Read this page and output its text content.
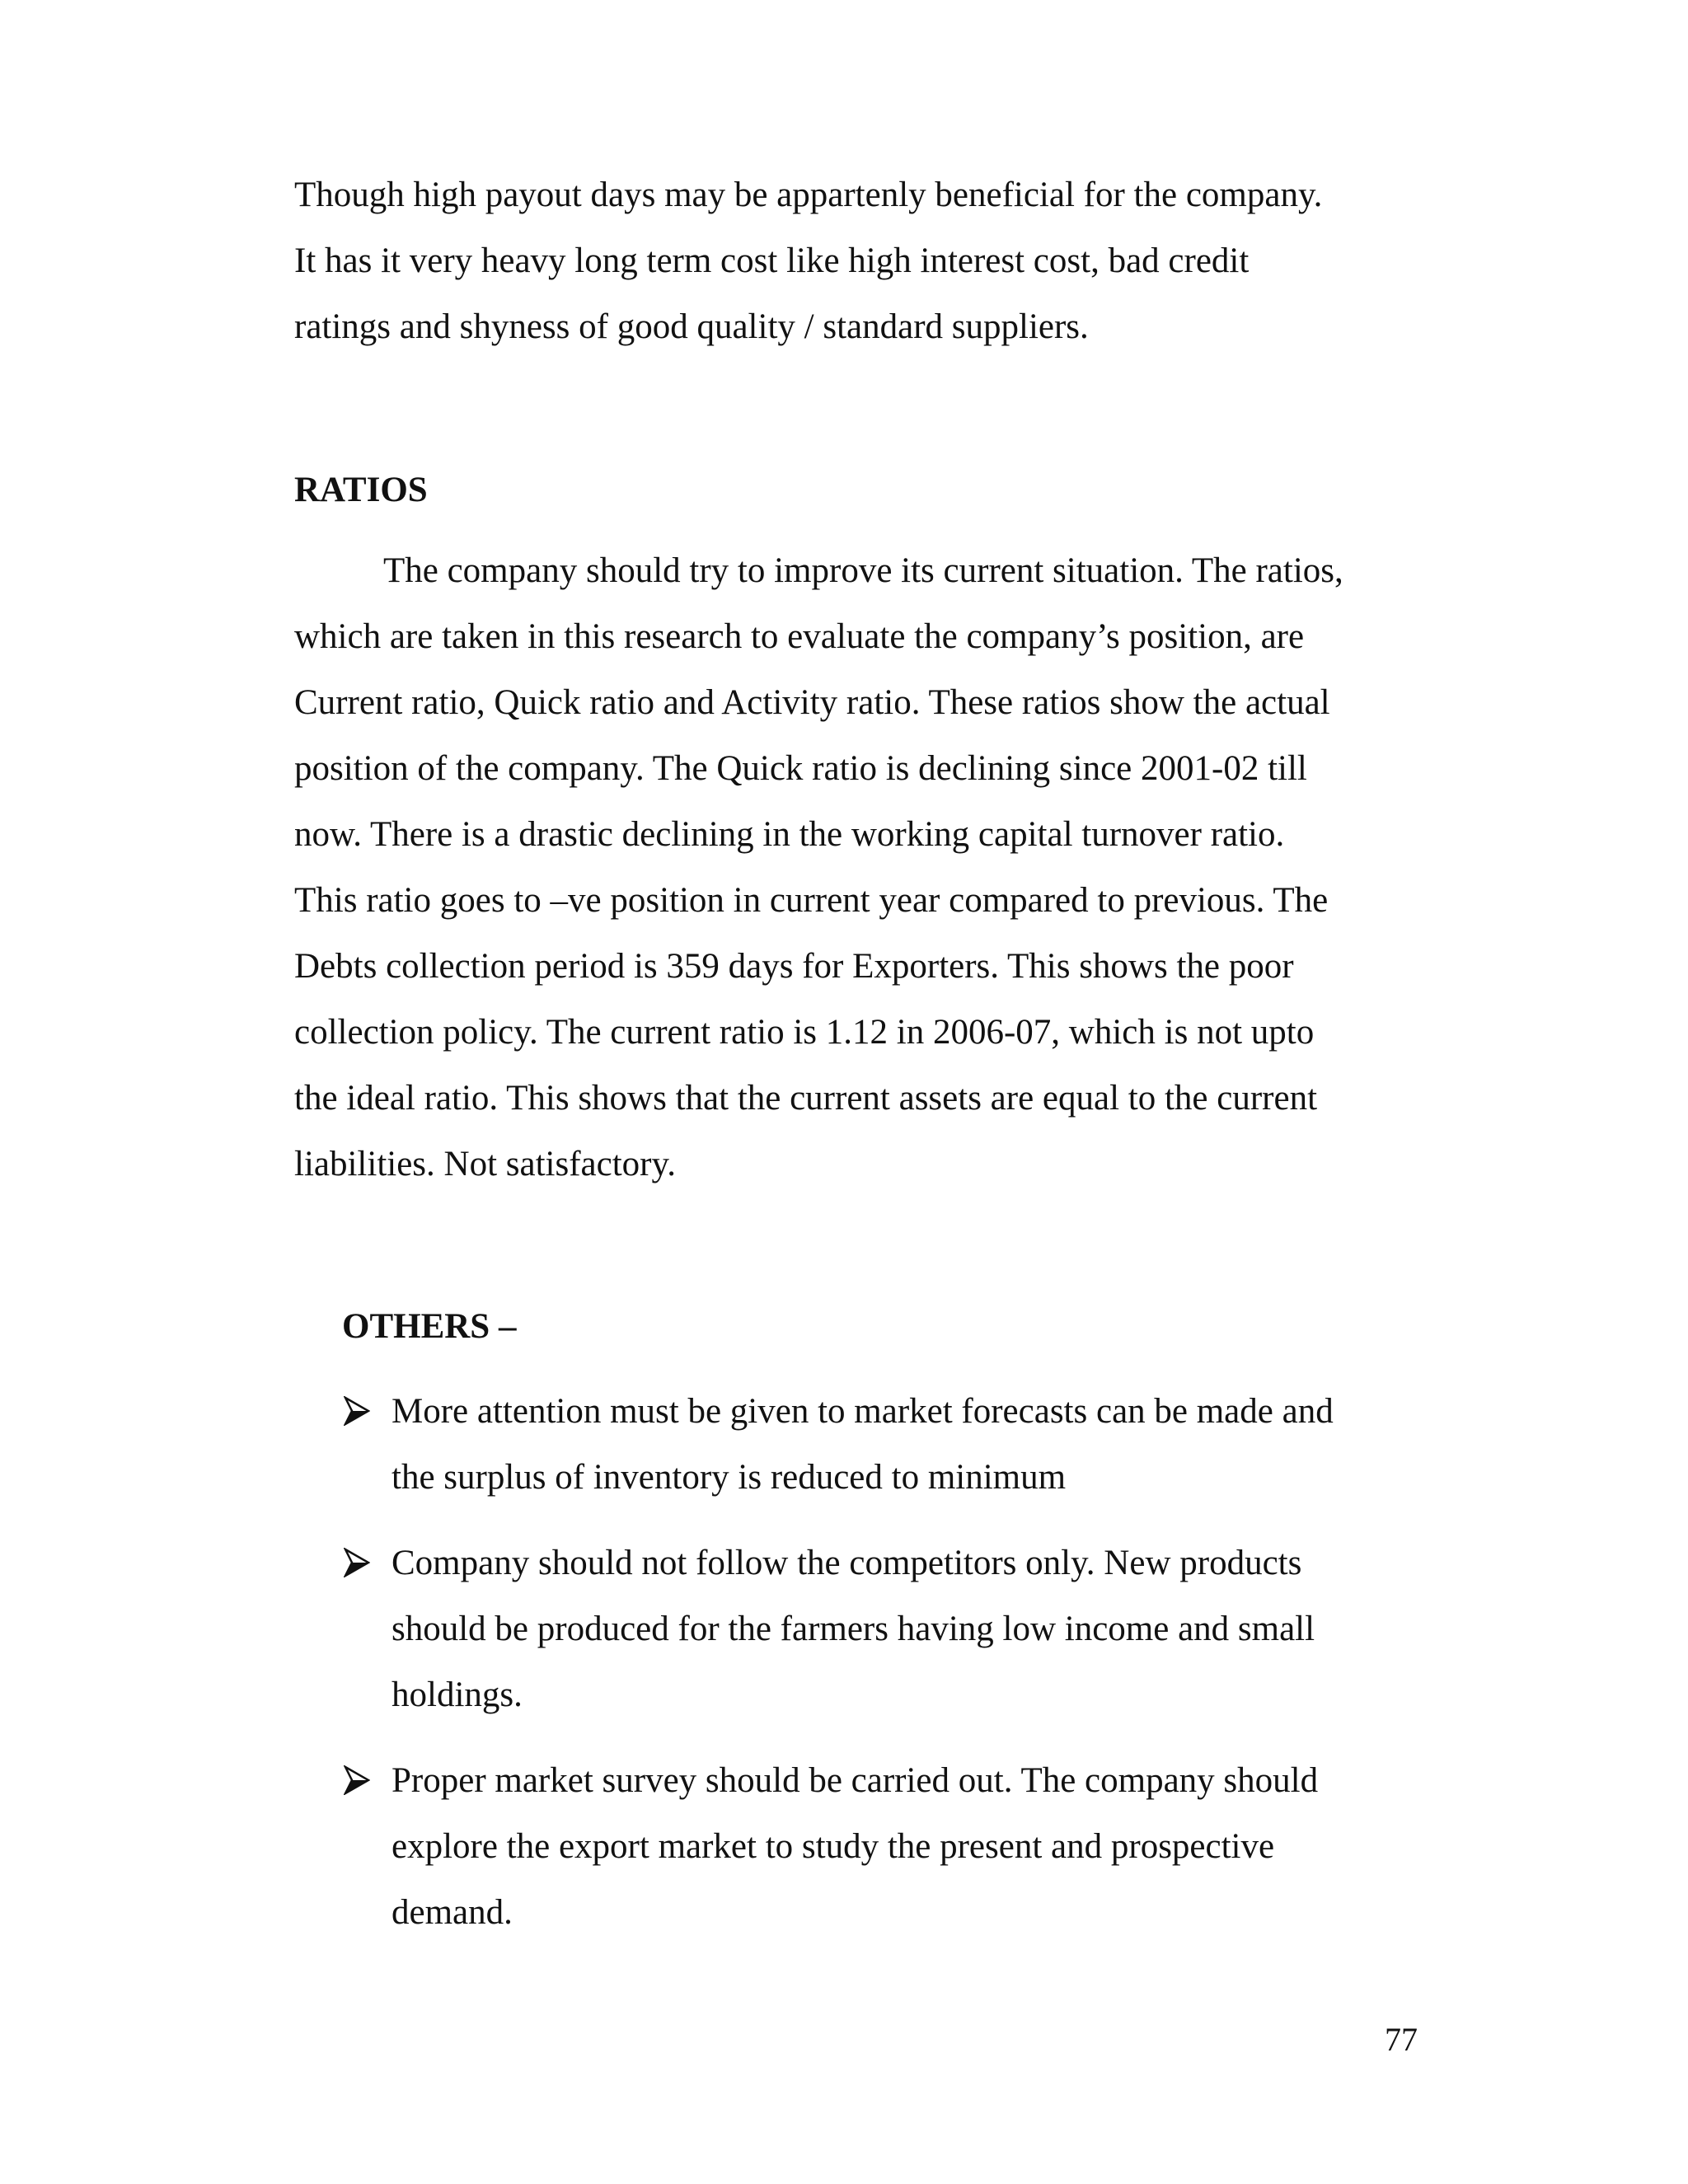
Though high payout days may be appartenly beneficial for the company.
It has it very heavy long term cost like high interest cost, bad credit
ratings and shyness of good quality / standard suppliers.
RATIOS
The company should try to improve its current situation. The ratios,
which are taken in this research to evaluate the company’s position, are
Current ratio, Quick ratio and Activity ratio. These ratios show the actual
position of the company. The Quick ratio is declining since 2001-02 till
now. There is a drastic declining in the working capital turnover ratio.
This ratio goes to –ve position in current year compared to previous. The
Debts collection period is 359 days for Exporters. This shows the poor
collection policy. The current ratio is 1.12 in 2006-07, which is not upto
the ideal ratio. This shows that the current assets are equal to the current
liabilities. Not satisfactory.
OTHERS –
More attention must be given to market forecasts can be made and
the surplus of inventory is reduced to minimum
Company should not follow the competitors only. New products
should be produced for the farmers having low income and small
holdings.
Proper market survey should be carried out. The company should
explore the export market to study the present and prospective
demand.
77
